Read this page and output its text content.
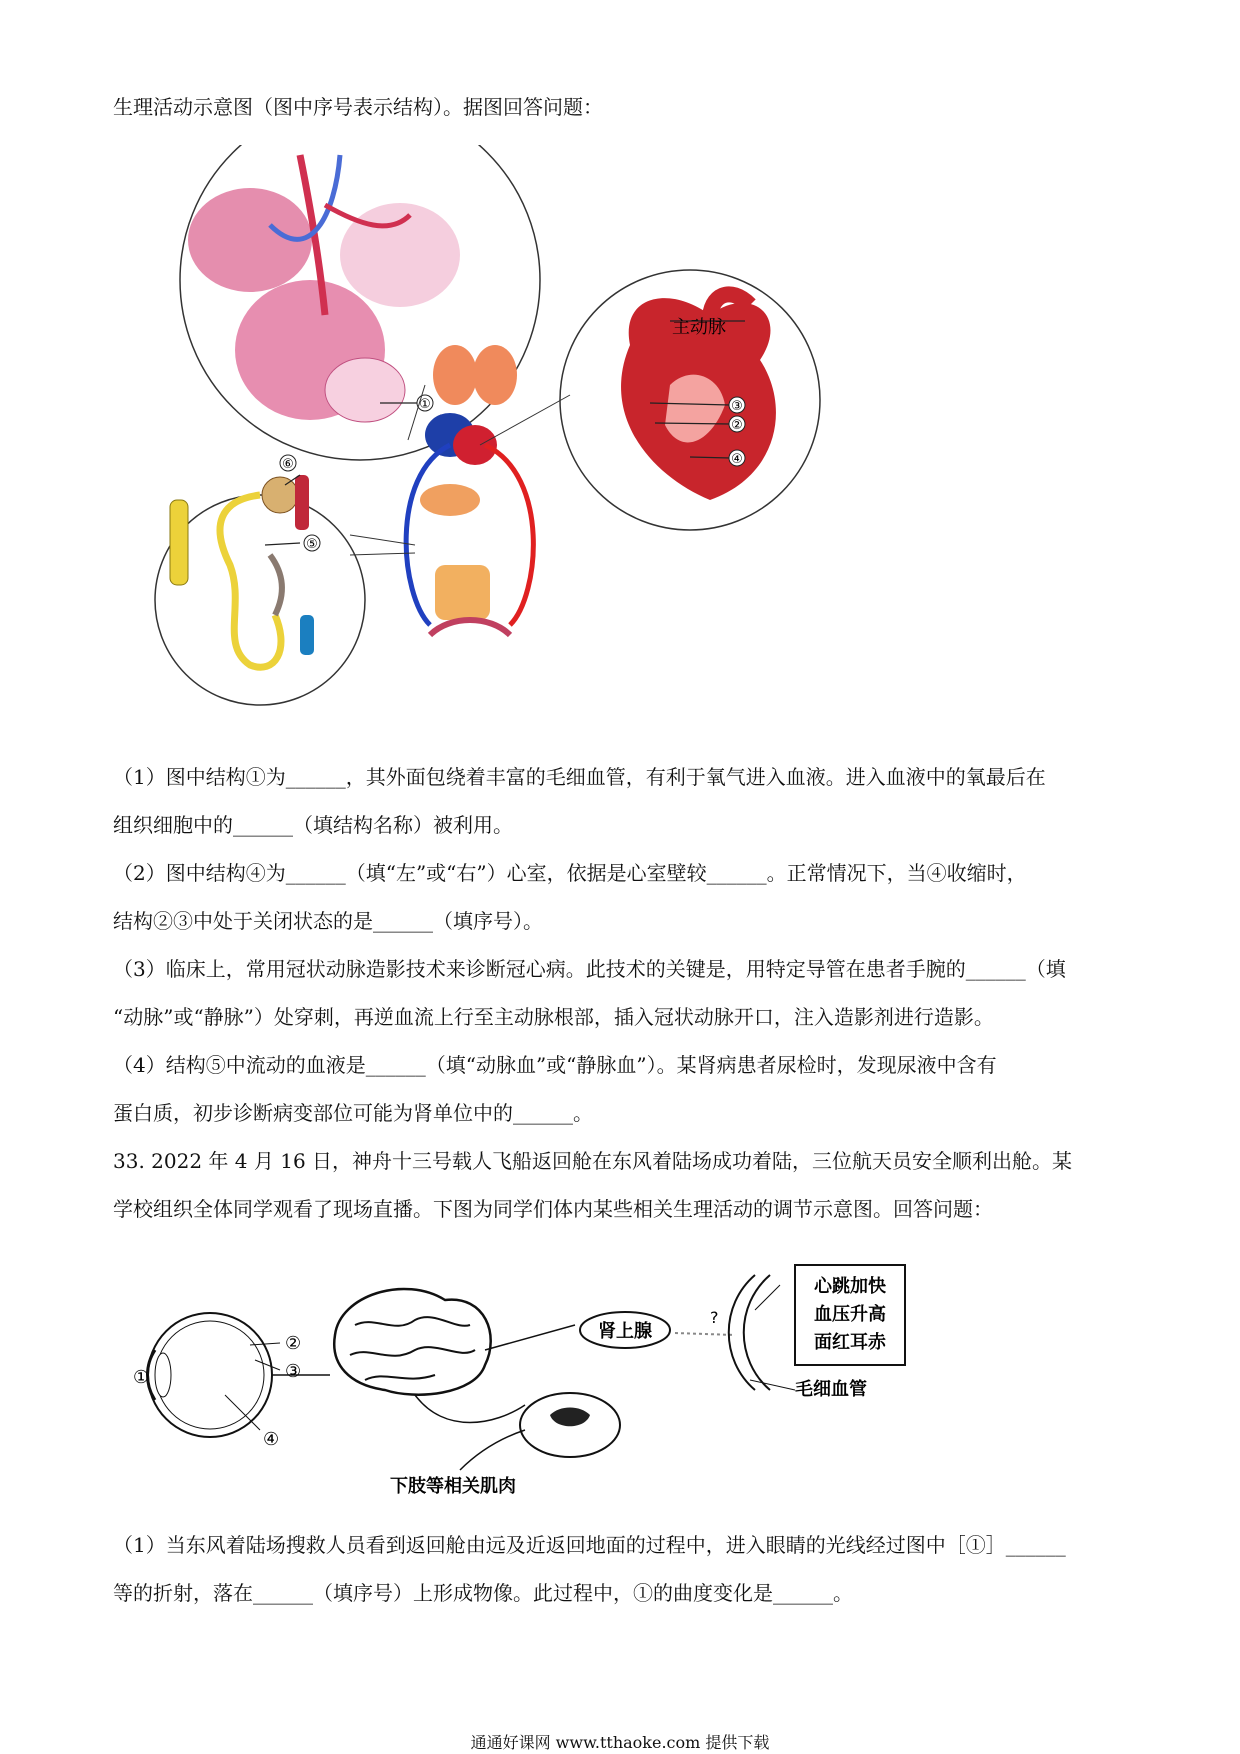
生理活动示意图（图中序号表示结构）。据图回答问题：
①
主动脉
③
②
④
⑥
⑤
（1）图中结构①为______，其外面包绕着丰富的毛细血管，有利于氧气进入血液。进入血液中的氧最后在
组织细胞中的______（填结构名称）被利用。
（2）图中结构④为______（填“左”或“右”）心室，依据是心室壁较______。正常情况下，当④收缩时，
结构②③中处于关闭状态的是______（填序号）。
（3）临床上，常用冠状动脉造影技术来诊断冠心病。此技术的关键是，用特定导管在患者手腕的______（填
“动脉”或“静脉”）处穿刺，再逆血流上行至主动脉根部，插入冠状动脉开口，注入造影剂进行造影。
（4）结构⑤中流动的血液是______（填“动脉血”或“静脉血”）。某肾病患者尿检时，发现尿液中含有
蛋白质，初步诊断病变部位可能为肾单位中的______。
33. 2022 年 4 月 16 日，神舟十三号载人飞船返回舱在东风着陆场成功着陆，三位航天员安全顺利出舱。某
学校组织全体同学观看了现场直播。下图为同学们体内某些相关生理活动的调节示意图。回答问题：
①
②
③
④
肾上腺
?
心跳加快
血压升高
面红耳赤
毛细血管
下肢等相关肌肉
（1）当东风着陆场搜救人员看到返回舱由远及近返回地面的过程中，进入眼睛的光线经过图中［①］______
等的折射，落在______（填序号）上形成物像。此过程中，①的曲度变化是______。
通通好课网 www.tthaoke.com 提供下载
